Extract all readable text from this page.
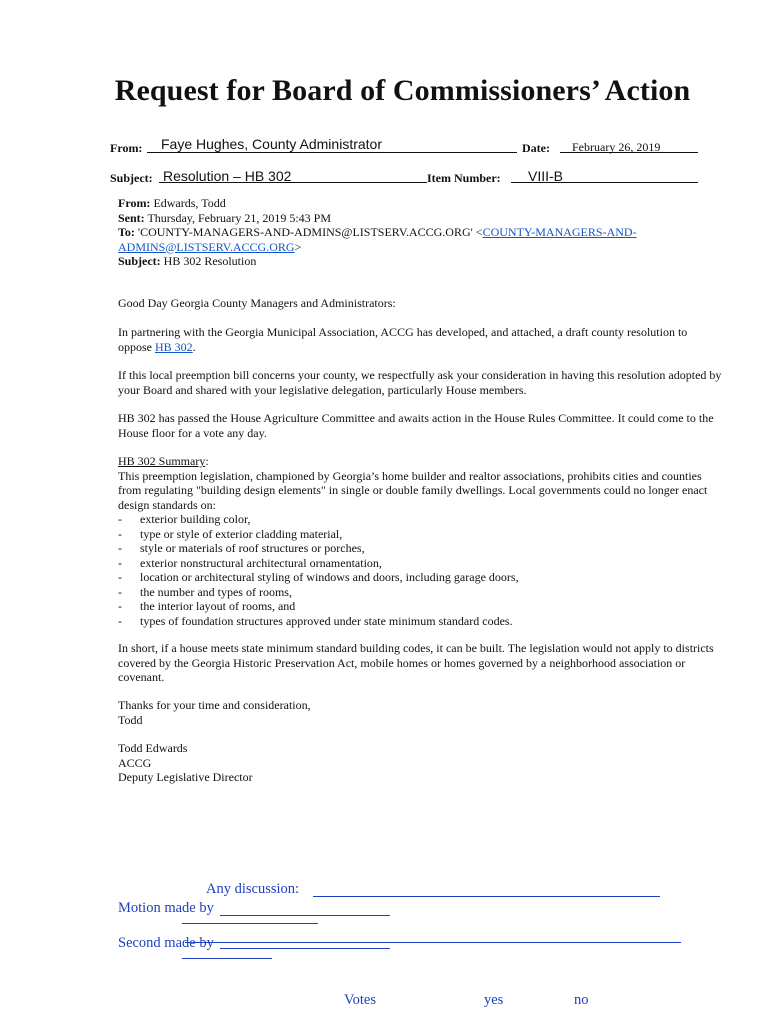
Request for Board of Commissioners’ Action
From: Faye Hughes, County Administrator	Date: February 26, 2019
Subject: Resolution – HB 302	Item Number: VIII-B

From: Edwards, Todd

Sent: Thursday, February 21, 2019 5:43 PM

To: 'COUNTY-MANAGERS-AND-ADMINS@LISTSERV.ACCG.ORG' <COUNTY-MANAGERS-AND-ADMINS@LISTSERV.ACCG.ORG>

Subject: HB 302 Resolution

Good Day Georgia County Managers and Administrators:
In partnering with the Georgia Municipal Association, ACCG has developed, and attached, a draft county resolution to oppose HB 302.
If this local preemption bill concerns your county, we respectfully ask your consideration in having this resolution adopted by your Board and shared with your legislative delegation, particularly House members.
HB 302 has passed the House Agriculture Committee and awaits action in the House Rules Committee. It could come to the House floor for a vote any day.

HB 302 Summary:

This preemption legislation, championed by Georgia’s home builder and realtor associations, prohibits cities and counties from regulating "building design elements" in single or double family dwellings. Local governments could no longer enact design standards on:

-	exterior building color,
-	type or style of exterior cladding material,
-	style or materials of roof structures or porches,
-	exterior nonstructural architectural ornamentation,
-	location or architectural styling of windows and doors, including garage doors,
-	the number and types of rooms,
-	the interior layout of rooms, and
-	types of foundation structures approved under state minimum standard codes.
In short, if a house meets state minimum standard building codes, it can be built. The legislation would not apply to districts covered by the Georgia Historic Preservation Act, mobile homes or homes governed by a neighborhood association or covenant.

Thanks for your time and consideration,

Todd

Todd Edwards

ACCG

Deputy Legislative Director

Any discussion:
Motion made by
Second made by
Votes	yes	no
